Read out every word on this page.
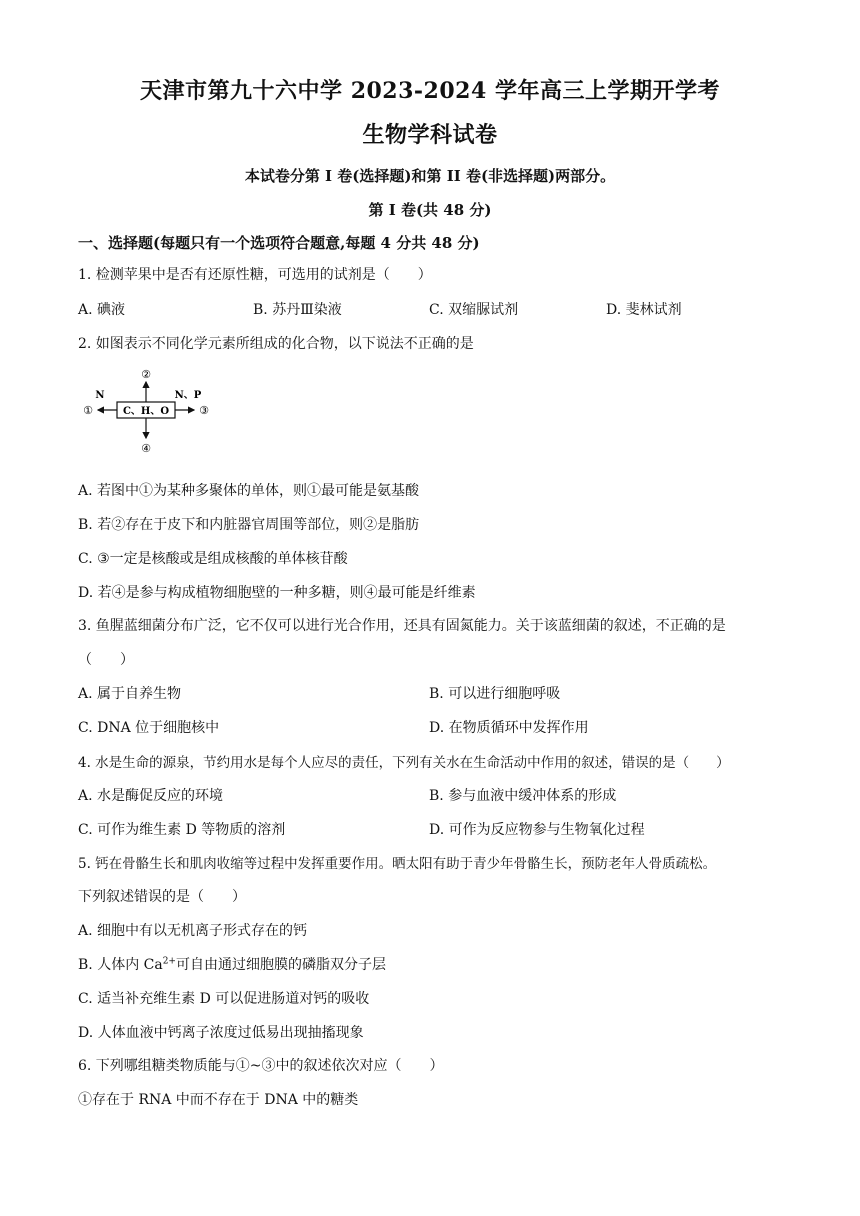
天津市第九十六中学 2023-2024 学年高三上学期开学考
生物学科试卷
本试卷分第 I 卷(选择题)和第 II 卷(非选择题)两部分。
第 I 卷(共 48 分)
一、选择题(每题只有一个选项符合题意,每题 4 分共 48 分)
1. 检测苹果中是否有还原性糖，可选用的试剂是（　　）
A. 碘液	B. 苏丹Ⅲ染液	C. 双缩脲试剂	D. 斐林试剂
2. 如图表示不同化学元素所组成的化合物，以下说法不正确的是
C、H、O
②
④
①	③
N	N、P
A. 若图中①为某种多聚体的单体，则①最可能是氨基酸
B. 若②存在于皮下和内脏器官周围等部位，则②是脂肪
C. ③一定是核酸或是组成核酸的单体核苷酸
D. 若④是参与构成植物细胞壁的一种多糖，则④最可能是纤维素
3. 鱼腥蓝细菌分布广泛，它不仅可以进行光合作用，还具有固氮能力。关于该蓝细菌的叙述，不正确的是
（　　）
A. 属于自养生物	B. 可以进行细胞呼吸
C. DNA 位于细胞核中	D. 在物质循环中发挥作用
4. 水是生命的源泉，节约用水是每个人应尽的责任，下列有关水在生命活动中作用的叙述，错误的是（　　）
A. 水是酶促反应的环境	B. 参与血液中缓冲体系的形成
C. 可作为维生素 D 等物质的溶剂	D. 可作为反应物参与生物氧化过程
5. 钙在骨骼生长和肌肉收缩等过程中发挥重要作用。晒太阳有助于青少年骨骼生长，预防老年人骨质疏松。
下列叙述错误的是（　　）
A. 细胞中有以无机离子形式存在的钙
B. 人体内 $Ca^{2+}$可自由通过细胞膜的磷脂双分子层
C. 适当补充维生素 D 可以促进肠道对钙的吸收
D. 人体血液中钙离子浓度过低易出现抽搐现象
6. 下列哪组糖类物质能与①~③中的叙述依次对应（　　）
①存在于 RNA 中而不存在于 DNA 中的糖类
